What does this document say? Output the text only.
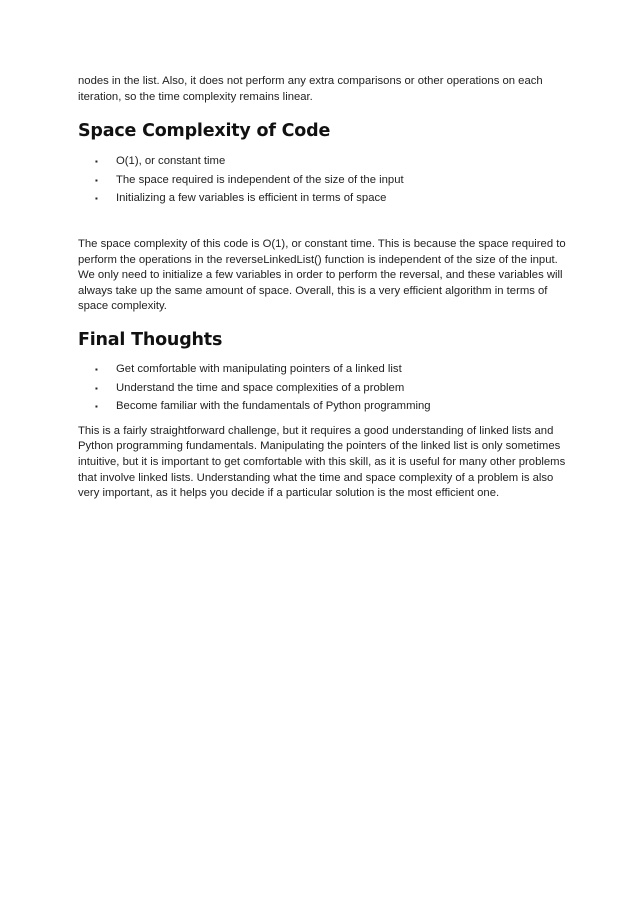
nodes in the list. Also, it does not perform any extra comparisons or other operations on each iteration, so the time complexity remains linear.

Space Complexity of Code
▪ O(1), or constant time
▪ The space required is independent of the size of the input
▪ Initializing a few variables is efficient in terms of space

The space complexity of this code is O(1), or constant time. This is because the space required to perform the operations in the reverseLinkedList() function is independent of the size of the input. We only need to initialize a few variables in order to perform the reversal, and these variables will always take up the same amount of space. Overall, this is a very efficient algorithm in terms of space complexity.

Final Thoughts
▪ Get comfortable with manipulating pointers of a linked list
▪ Understand the time and space complexities of a problem
▪ Become familiar with the fundamentals of Python programming

This is a fairly straightforward challenge, but it requires a good understanding of linked lists and Python programming fundamentals. Manipulating the pointers of the linked list is only sometimes intuitive, but it is important to get comfortable with this skill, as it is useful for many other problems that involve linked lists. Understanding what the time and space complexity of a problem is also very important, as it helps you decide if a particular solution is the most efficient one.
